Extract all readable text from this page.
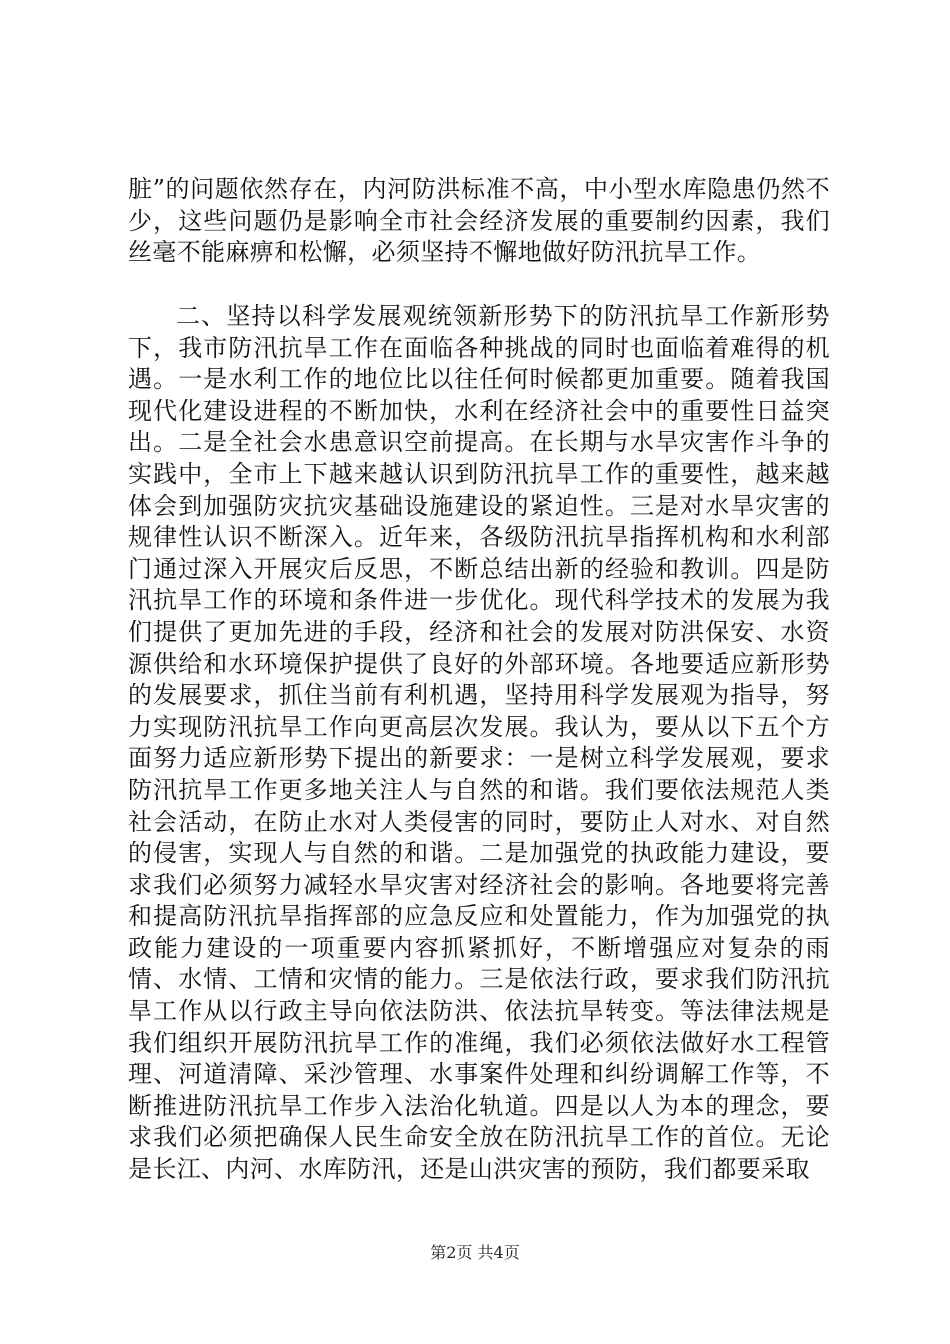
脏”的问题依然存在，内河防洪标准不高，中小型水库隐患仍然不少，这些问题仍是影响全市社会经济发展的重要制约因素，我们丝毫不能麻痹和松懈，必须坚持不懈地做好防汛抗旱工作。

二、坚持以科学发展观统领新形势下的防汛抗旱工作新形势下，我市防汛抗旱工作在面临各种挑战的同时也面临着难得的机遇。一是水利工作的地位比以往任何时候都更加重要。随着我国现代化建设进程的不断加快，水利在经济社会中的重要性日益突出。二是全社会水患意识空前提高。在长期与水旱灾害作斗争的实践中，全市上下越来越认识到防汛抗旱工作的重要性，越来越体会到加强防灾抗灾基础设施建设的紧迫性。三是对水旱灾害的规律性认识不断深入。近年来，各级防汛抗旱指挥机构和水利部门通过深入开展灾后反思，不断总结出新的经验和教训。四是防汛抗旱工作的环境和条件进一步优化。现代科学技术的发展为我们提供了更加先进的手段，经济和社会的发展对防洪保安、水资源供给和水环境保护提供了良好的外部环境。各地要适应新形势的发展要求，抓住当前有利机遇，坚持用科学发展观为指导，努力实现防汛抗旱工作向更高层次发展。我认为，要从以下五个方面努力适应新形势下提出的新要求：一是树立科学发展观，要求防汛抗旱工作更多地关注人与自然的和谐。我们要依法规范人类社会活动，在防止水对人类侵害的同时，要防止人对水、对自然的侵害，实现人与自然的和谐。二是加强党的执政能力建设，要求我们必须努力减轻水旱灾害对经济社会的影响。各地要将完善和提高防汛抗旱指挥部的应急反应和处置能力，作为加强党的执政能力建设的一项重要内容抓紧抓好，不断增强应对复杂的雨情、水情、工情和灾情的能力。三是依法行政，要求我们防汛抗旱工作从以行政主导向依法防洪、依法抗旱转变。等法律法规是我们组织开展防汛抗旱工作的准绳，我们必须依法做好水工程管理、河道清障、采沙管理、水事案件处理和纠纷调解工作等，不断推进防汛抗旱工作步入法治化轨道。四是以人为本的理念，要求我们必须把确保人民生命安全放在防汛抗旱工作的首位。无论是长江、内河、水库防汛，还是山洪灾害的预防，我们都要采取

第2页 共4页
